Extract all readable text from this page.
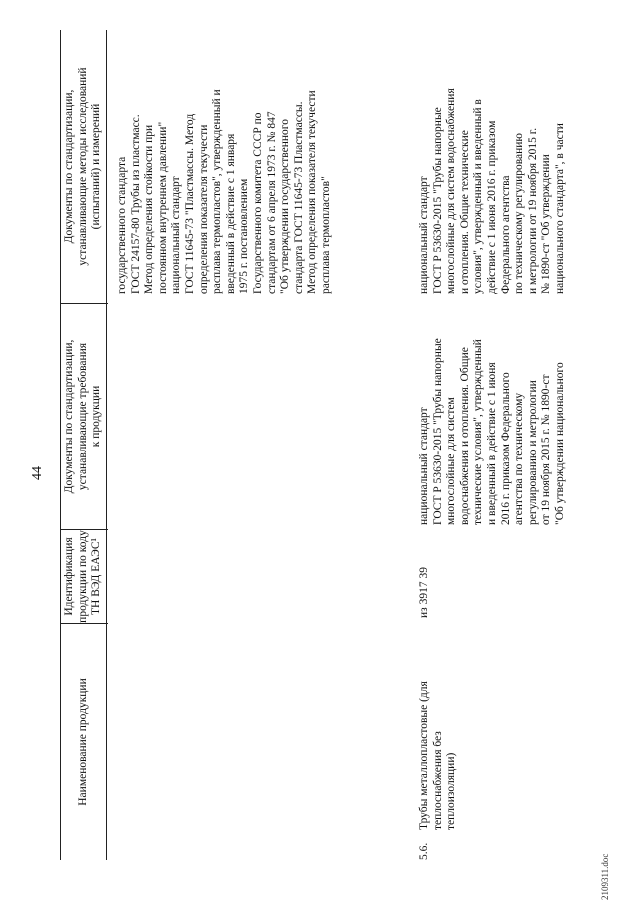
44
Наименование продукции
Идентификация продукции по коду ТН ВЭД ЕАЭС¹
Документы по стандартизации, устанавливающие требования к продукции
Документы по стандартизации, устанавливающие методы исследований (испытаний) и измерений государственного стандарта ГОСТ 24157-80 Трубы из пластмасс. Метод определения стойкости при постоянном внутреннем давлении" национальный стандарт ГОСТ 11645-73 "Пластмассы. Метод определения показателя текучести расплава термопластов", утвержденный и введенный в действие с 1 января 1975 г. постановлением Государственного комитета СССР по стандартам от 6 апреля 1973 г. № 847 "Об утверждении государственного стандарта ГОСТ 11645-73 Пластмассы. Метод определения показателя текучести расплава термопластов"
5.6.
Трубы металлопластовые (для теплоснабжения без теплоизоляции)
из 3917 39
национальный стандарт ГОСТ Р 53630-2015 "Трубы напорные многослойные для систем водоснабжения и отопления. Общие технические условия", утвержденный и введенный в действие с 1 июня 2016 г. приказом Федерального агентства по техническому регулированию и метрологии от 19 ноября 2015 г. № 1890-ст "Об утверждении национального
национальный стандарт ГОСТ Р 53630-2015 "Трубы напорные многослойные для систем водоснабжения и отопления. Общие технические условия", утвержденный и введенный в действие с 1 июня 2016 г. приказом Федерального агентства по техническому регулированию и метрологии от 19 ноября 2015 г. № 1890-ст "Об утверждении национального стандарта", в части
2109311.doc
